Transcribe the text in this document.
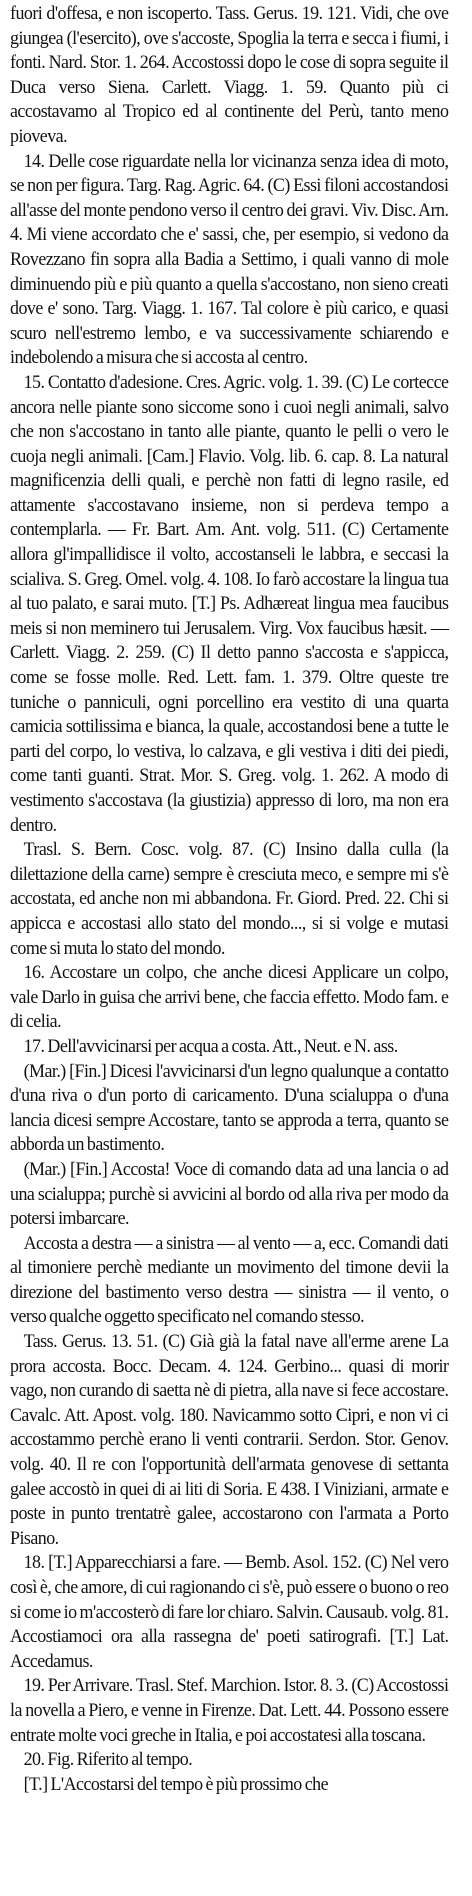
fuori d'offesa, e non iscoperto. Tass. Gerus. 19. 121. Vidi, che ove giungea (l'esercito), ove s'accoste, Spoglia la terra e secca i fiumi, i fonti. Nard. Stor. 1. 264. Accostossi dopo le cose di sopra seguite il Duca verso Siena. Carlett. Viagg. 1. 59. Quanto più ci accostavamo al Tropico ed al continente del Perù, tanto meno pioveva.

14. Delle cose riguardate nella lor vicinanza senza idea di moto, se non per figura. Targ. Rag. Agric. 64. (C) Essi filoni accostandosi all'asse del monte pendono verso il centro dei gravi. Viv. Disc. Arn. 4. Mi viene accordato che e' sassi, che, per esempio, si vedono da Rovezzano fin sopra alla Badia a Settimo, i quali vanno di mole diminuendo più e più quanto a quella s'accostano, non sieno creati dove e' sono. Targ. Viagg. 1. 167. Tal colore è più carico, e quasi scuro nell'estremo lembo, e va successivamente schiarendo e indebolendo a misura che si accosta al centro.

15. Contatto d'adesione. Cres. Agric. volg. 1. 39. (C) Le cortecce ancora nelle piante sono siccome sono i cuoi negli animali, salvo che non s'accostano in tanto alle piante, quanto le pelli o vero le cuoja negli animali. [Cam.] Flavio. Volg. lib. 6. cap. 8. La natural magnificenzia delli quali, e perchè non fatti di legno rasile, ed attamente s'accostavano insieme, non si perdeva tempo a contemplarla. — Fr. Bart. Am. Ant. volg. 511. (C) Certamente allora gl'impallidisce il volto, accostanseli le labbra, e seccasi la scialiva. S. Greg. Omel. volg. 4. 108. Io farò accostare la lingua tua al tuo palato, e sarai muto. [T.] Ps. Adhæreat lingua mea faucibus meis si non meminero tui Jerusalem. Virg. Vox faucibus hæsit. — Carlett. Viagg. 2. 259. (C) Il detto panno s'accosta e s'appicca, come se fosse molle. Red. Lett. fam. 1. 379. Oltre queste tre tuniche o panniculi, ogni porcellino era vestito di una quarta camicia sottilissima e bianca, la quale, accostandosi bene a tutte le parti del corpo, lo vestiva, lo calzava, e gli vestiva i diti dei piedi, come tanti guanti. Strat. Mor. S. Greg. volg. 1. 262. A modo di vestimento s'accostava (la giustizia) appresso di loro, ma non era dentro.

Trasl. S. Bern. Cosc. volg. 87. (C) Insino dalla culla (la dilettazione della carne) sempre è cresciuta meco, e sempre mi s'è accostata, ed anche non mi abbandona. Fr. Giord. Pred. 22. Chi si appicca e accostasi allo stato del mondo..., si si volge e mutasi come si muta lo stato del mondo.

16. Accostare un colpo, che anche dicesi Applicare un colpo, vale Darlo in guisa che arrivi bene, che faccia effetto. Modo fam. e di celia.

17. Dell'avvicinarsi per acqua a costa. Att., Neut. e N. ass.

(Mar.) [Fin.] Dicesi l'avvicinarsi d'un legno qualunque a contatto d'una riva o d'un porto di caricamento. D'una scialuppa o d'una lancia dicesi sempre Accostare, tanto se approda a terra, quanto se abborda un bastimento.

(Mar.) [Fin.] Accosta! Voce di comando data ad una lancia o ad una scialuppa; purchè si avvicini al bordo od alla riva per modo da potersi imbarcare.

Accosta a destra — a sinistra — al vento — a, ecc. Comandi dati al timoniere perchè mediante un movimento del timone devii la direzione del bastimento verso destra — sinistra — il vento, o verso qualche oggetto specificato nel comando stesso.

Tass. Gerus. 13. 51. (C) Già già la fatal nave all'erme arene La prora accosta. Bocc. Decam. 4. 124. Gerbino... quasi di morir vago, non curando di saetta nè di pietra, alla nave si fece accostare. Cavalc. Att. Apost. volg. 180. Navicammo sotto Cipri, e non vi ci accostammo perchè erano li venti contrarii. Serdon. Stor. Genov. volg. 40. Il re con l'opportunità dell'armata genovese di settanta galee accostò in quei di ai liti di Soria. E 438. I Viniziani, armate e poste in punto trentatrè galee, accostarono con l'armata a Porto Pisano.

18. [T.] Apparecchiarsi a fare. — Bemb. Asol. 152. (C) Nel vero così è, che amore, di cui ragionando ci s'è, può essere o buono o reo si come io m'accosterò di fare lor chiaro. Salvin. Causaub. volg. 81. Accostiamoci ora alla rassegna de' poeti satirografi. [T.] Lat. Accedamus.

19. Per Arrivare. Trasl. Stef. Marchion. Istor. 8. 3. (C) Accostossi la novella a Piero, e venne in Firenze. Dat. Lett. 44. Possono essere entrate molte voci greche in Italia, e poi accostatesi alla toscana.

20. Fig. Riferito al tempo.

[T.] L'Accostarsi del tempo è più prossimo che
